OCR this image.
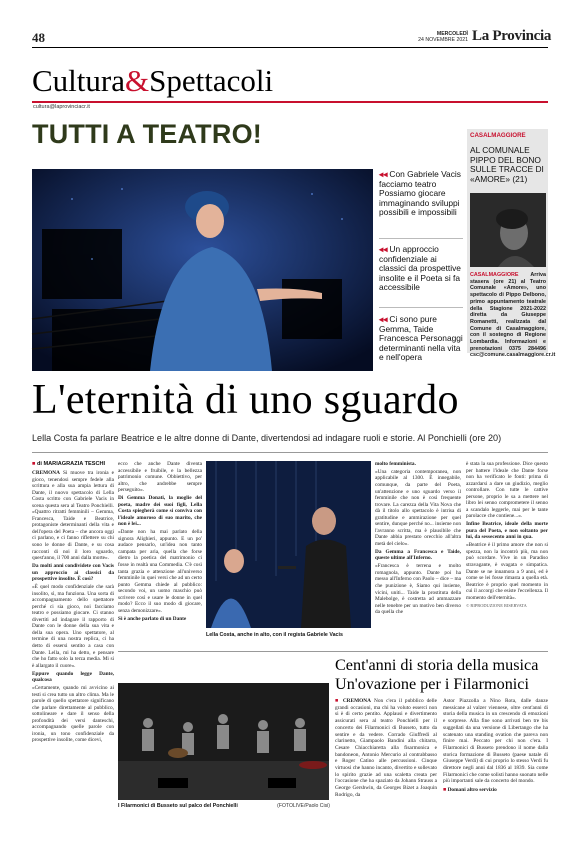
48	MERCOLEDÌ
24 NOVEMBRE 2021 La Provincia
Cultura&Spettacoli
cultura@laprovinciacr.it
TUTTI A TEATRO!	CASALMAGGIORE
AL COMUNALE PIPPO DEL BONO SULLE TRACCE DI «AMORE» (21)
CASALMAGGIORE Arriva stasera (ore 21) al Teatro Comunale «Amore», uno spettacolo di Pippo Delbono, primo appuntamento teatrale della Stagione 2021-2022 diretta da Giuseppe Romanetti, realizzata dal Comune di Casalmaggiore, con il sostegno di Regione Lombardia. Informazioni e prenotazioni 0375 284496 csc@comune.casalmaggiore.cr.it
◂◂ Con Gabriele Vacis facciamo teatro Possiamo giocare immaginando sviluppi possibili e impossibili
◂◂ Un approccio confidenziale ai classici da prospettive insolite e il Poeta si fa accessibile
◂◂ Ci sono pure Gemma, Taide Francesca Personaggi determinanti nella vita e nell'opera
L'eternità di uno sguardo
Lella Costa fa parlare Beatrice e le altre donne di Dante, divertendosi ad indagare ruoli e storie. Al Ponchielli (ore 20)
■ di MARIAGRAZIA TESCHI

CREMONA Si muove tra ironia e gioco, tenendosi sempre fedele alla scrittura e alla sua ampia lettura di Dante, il nuovo spettacolo di Lella Costa scritto con Gabriele Vacis in scena questa sera al Teatro Ponchielli. «Quattro ritratti femminili – Gemma, Francesca, Taide e Beatrice, protagoniste determinanti della vita e dell'opera del Poeta – che ancora oggi ci parlano, e ci fanno riflettere su chi sono le donne di Dante, e su cosa racconti di noi il loro sguardo, quest'anno, il 700 anni dalla morte».

Da molti anni condividete con Vacis un approccio ai classici da prospettive insolite. È così?

«È quel modo confidenziale che sarà insolito, sì, ma funziona. Una sorta di accompagnamento dello spettatore perché ci sia gioco, noi facciamo teatro e possiamo giocare. Ci stanno divertiti ad indagare il rapporto di Dante con le donne della sua vita e della sua opera. Uno spettatore, al termine di una nostra replica, ci ha detto di essersi sentito a casa con Dante. Lella, mi ha detto, e pensare che ho fatto solo la terza media. Mi si è allargato il cuore».

Eppure quando legge Dante, qualcosa

«Certamente, quando mi avvicino ai testi si crea tutto un altro clima. Ma le parole di quello spettatore significano che parlare direttamente al pubblico, sottolineare e dare il senso della profondità dei versi danteschi, accompagnando quelle parole con ironia, un tono confidenziale da prospettive insolite, come dicevi,

ecco che anche Dante diventa accessibile e fruibile, e la bellezza patrimonio comune. Obbiettivo, per altro, che andrebbe sempre perseguito».

Di Gemma Donati, la moglie del poeta, madre dei suoi figli, Lella Costa spiegherà come si conviva con l'ideale amoroso di suo marito, che non è lei...

«Dante non ha mai parlato della signora Alighieri, appunto. E un po' audace pensarlo, un'idea non tanto campata per aria, quella che forse dietro la poetica del matrimonio ci fosse in realtà una Commedia. C'è così tanta grazia e attenzione all'universo femminile in quei versi che ad un certo punto Gemma chiede al pubblico: secondo voi, un uomo maschio può scrivere così e usare le donne in quel modo? Ecco il suo modo di giocare, senza demonizzare».

Si è anche parlato di un Dante

Lella Costa, anche in alto, con il regista Gabriele Vacis

molto femminista.

«Una categoria contemporanea, non applicabile al 1300. È innegabile, comunque, da parte del Poeta, un'attenzione e uno sguardo verso il femminile che non è così frequente trovare. La carezza della Vita Nova che dà il titolo allo spettacolo è intrisa di gratitudine e ammirazione per quel sentire, dunque perché no... insieme non l'avranno scritta, ma è plausibile che Dante abbia prestato orecchio all'altra metà del cielo».

Da Gemma a Francesca e Taide, queste ultime all'Inferno.

«Francesca è terrena e molto romagnola, appunto. Dante poi ha messo all'Inferno con Paolo – dice – ma che punizione è, Siamo qui insieme, vicini, uniti... Taide la prostituta della Malebolge, è costretta ad ammazzare nelle tenebre per un motivo ben diverso da quella che

è stata la sua professione. Dice questo per battere l'ideale che Dante forse non ha verificato le fonti: prima di azzardarsi a dare un giudizio, meglio controllare. Con tutte le cattive persone, proprio le sa a mettere nel libro lei senno comprometere il senno a scandalo leggerle, mai per le tante parolacce che contiene...».

Infine Beatrice, ideale della morte pura del Poeta, e non soltanto per lui, da sessecento anni in qua.

«Beatrice è il primo amore che non si spezza, non la incontrò più, ma non può scordare. Vive in un Paradiso stravagante, è svagata e simpatica. Dante se ne innamora a 9 anni, ed è come se lei fosse rimasta a quella età. Beatrice è proprio quel momento in cui il accorgi che esiste l'eccellenza. Il momento dell'eternità».

© RIPRODUZIONE RISERVATA

I Filarmonici di Busseto sul palco del Ponchielli	(FOTOLIVE/Paolo Cisi)
Cent'anni di storia della musica
Un'ovazione per i Filarmonici

■ CREMONA Non c'era il pubblico delle grandi occasioni, ma chi ha voluto esserci non si è di certo pentito. Applausi e divertimento assicurati sera al teatro Ponchielli per il concerto dei Filarmonici di Busseto, tutto da sentire e da vedere. Corrado Giuffredi al clarinetto, Giampaolo Bandini alla chitarra, Cesare Chiacchiaretta alla fisarmonica e bandoneon, Antonio Mercurio al contrabbasso e Roger Catino alle percussioni. Cinque virtuosi che hanno incanto, divertito e sollevato lo spirito grazie ad una scaletta creata per l'occasione che ha spaziato da Johann Strauss a George Gershwin, da Georges Bizet a Joaquin Rodrigo, da

Astor Piazzolla a Nino Rota, dalle danze messicane al valzer viennese, oltre cent'anni di storia della musica in un crescendo di emozioni e sorprese. Alla fine sono arrivati ben tre bis suggellati da una versione di Libertango che ha scatenato una standing ovation che pareva non finire mai. Peccato per chi non c'era. I Filarmonici di Busseto prendono il nome dalla storica formazione di Busseto (paese natale di Giuseppe Verdi) di cui proprio lo stesso Verdi fu direttore negli anni dal 1836 al 1839. Sia come Filarmonici che come solisti hanno suonato nelle più importanti sale da concerto del mondo.

■ Domani altro servizio
